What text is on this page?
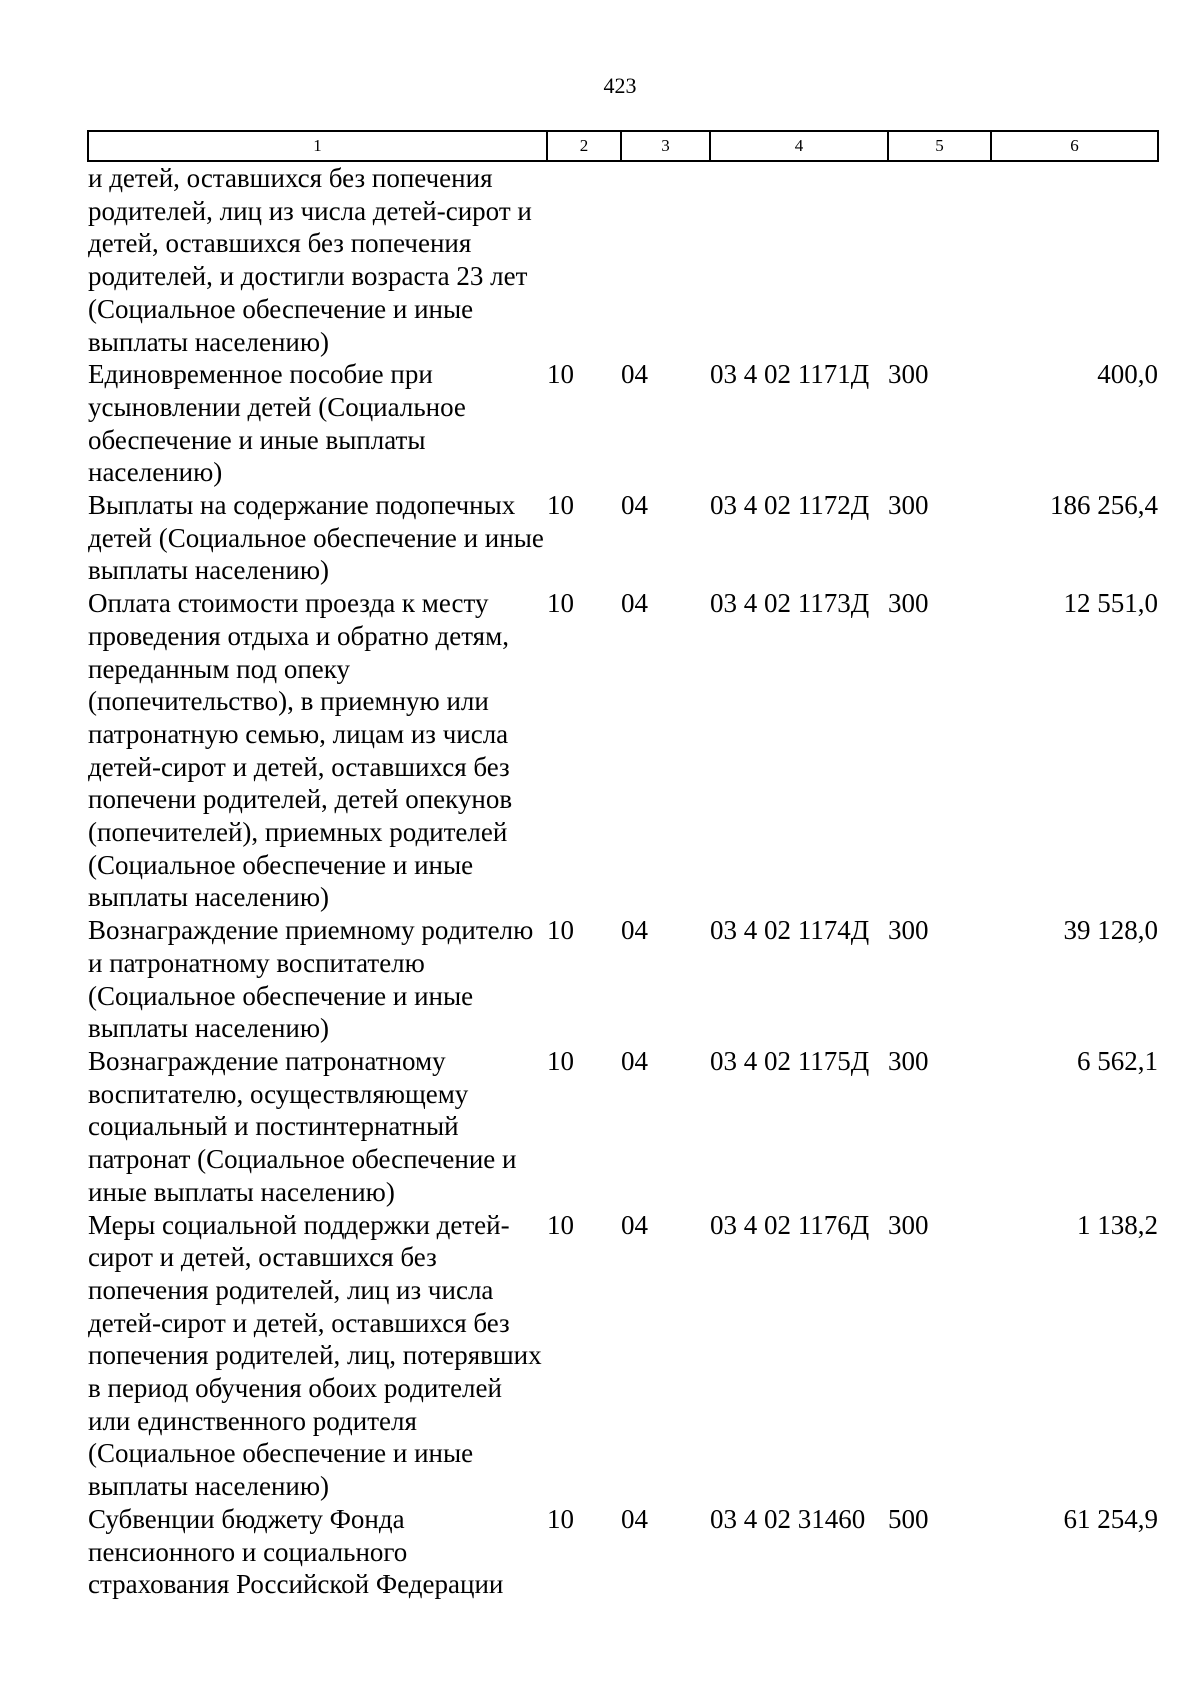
423
1	2	3	4	5	6
и детей, оставшихся без попечения родителей, лиц из числа детей-сирот и детей, оставшихся без попечения родителей, и достигли возраста 23 лет (Социальное обеспечение и иные выплаты населению)					
Единовременное пособие при усыновлении детей (Социальное обеспечение и иные выплаты населению)	10	04	03 4 02 1171Д	300	400,0
Выплаты на содержание подопечных детей (Социальное обеспечение и иные выплаты населению)	10	04	03 4 02 1172Д	300	186 256,4
Оплата стоимости проезда к месту проведения отдыха и обратно детям, переданным под опеку (попечительство), в приемную или патронатную семью, лицам из числа детей-сирот и детей, оставшихся без попечени родителей, детей опекунов (попечителей), приемных родителей (Социальное обеспечение и иные выплаты населению)	10	04	03 4 02 1173Д	300	12 551,0
Вознаграждение приемному родителю и патронатному воспитателю (Социальное обеспечение и иные выплаты населению)	10	04	03 4 02 1174Д	300	39 128,0
Вознаграждение патронатному воспитателю, осуществляющему социальный и постинтернатный патронат (Социальное обеспечение и иные выплаты населению)	10	04	03 4 02 1175Д	300	6 562,1
Меры социальной поддержки детей-сирот и детей, оставшихся без попечения родителей, лиц из числа детей-сирот и детей, оставшихся без попечения родителей, лиц, потерявших в период обучения обоих родителей или единственного родителя (Социальное обеспечение и иные выплаты населению)	10	04	03 4 02 1176Д	300	1 138,2
Субвенции бюджету Фонда пенсионного и социального страхования Российской Федерации	10	04	03 4 02 31460	500	61 254,9
